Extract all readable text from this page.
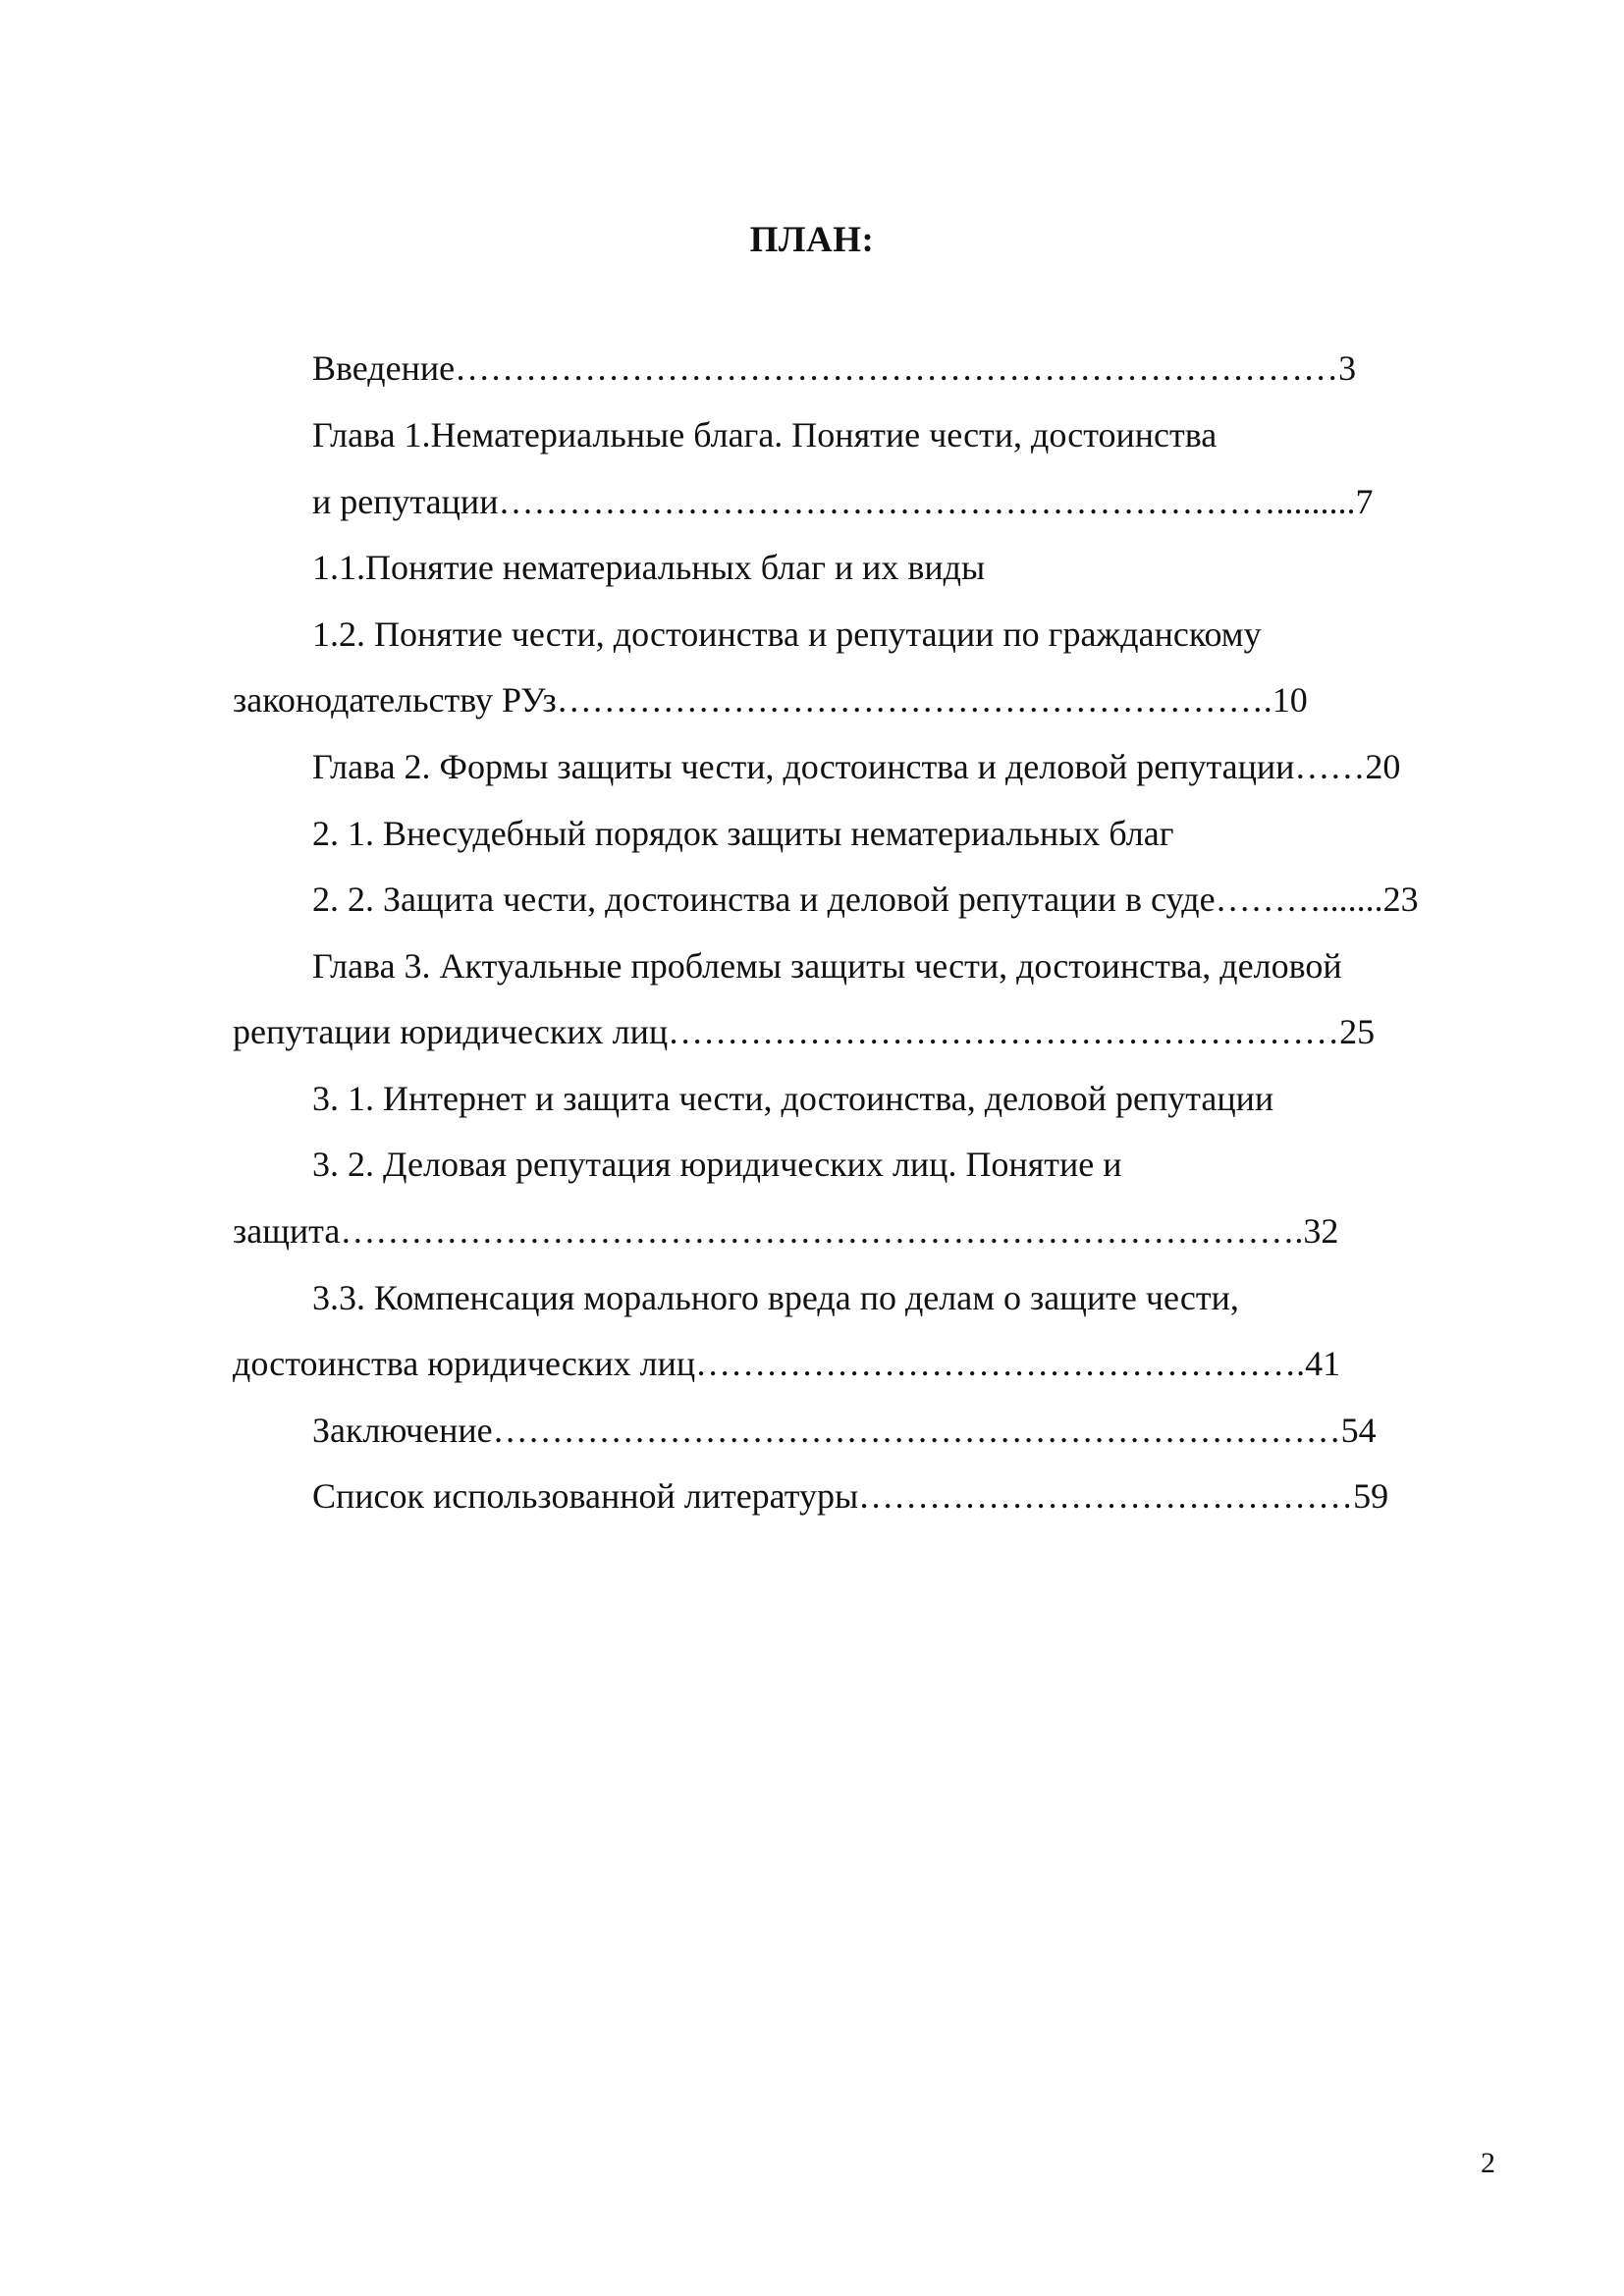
ПЛАН:
Введение…………………………………………………………………3
Глава 1.Нематериальные блага. Понятие чести, достоинства
и репутации………………………………………………………….........7
1.1.Понятие нематериальных благ и их виды
1.2. Понятие чести, достоинства и репутации по гражданскому
законодательству РУз…………………………………………………….10
Глава 2. Формы защиты чести, достоинства и деловой репутации……20
2. 1. Внесудебный порядок защиты нематериальных благ
2. 2. Защита чести, достоинства и деловой репутации в суде……….......23
Глава 3. Актуальные проблемы защиты чести, достоинства, деловой
репутации юридических лиц…………………………………………………25
3. 1. Интернет и защита чести, достоинства, деловой репутации
3. 2. Деловая репутация юридических лиц. Понятие и
защита……………………………………………………………………….32
3.3. Компенсация морального вреда по делам о защите чести,
достоинства юридических лиц…………………………………………….41
Заключение………………………………………………………………54
Список использованной литературы……………………………………59
2
